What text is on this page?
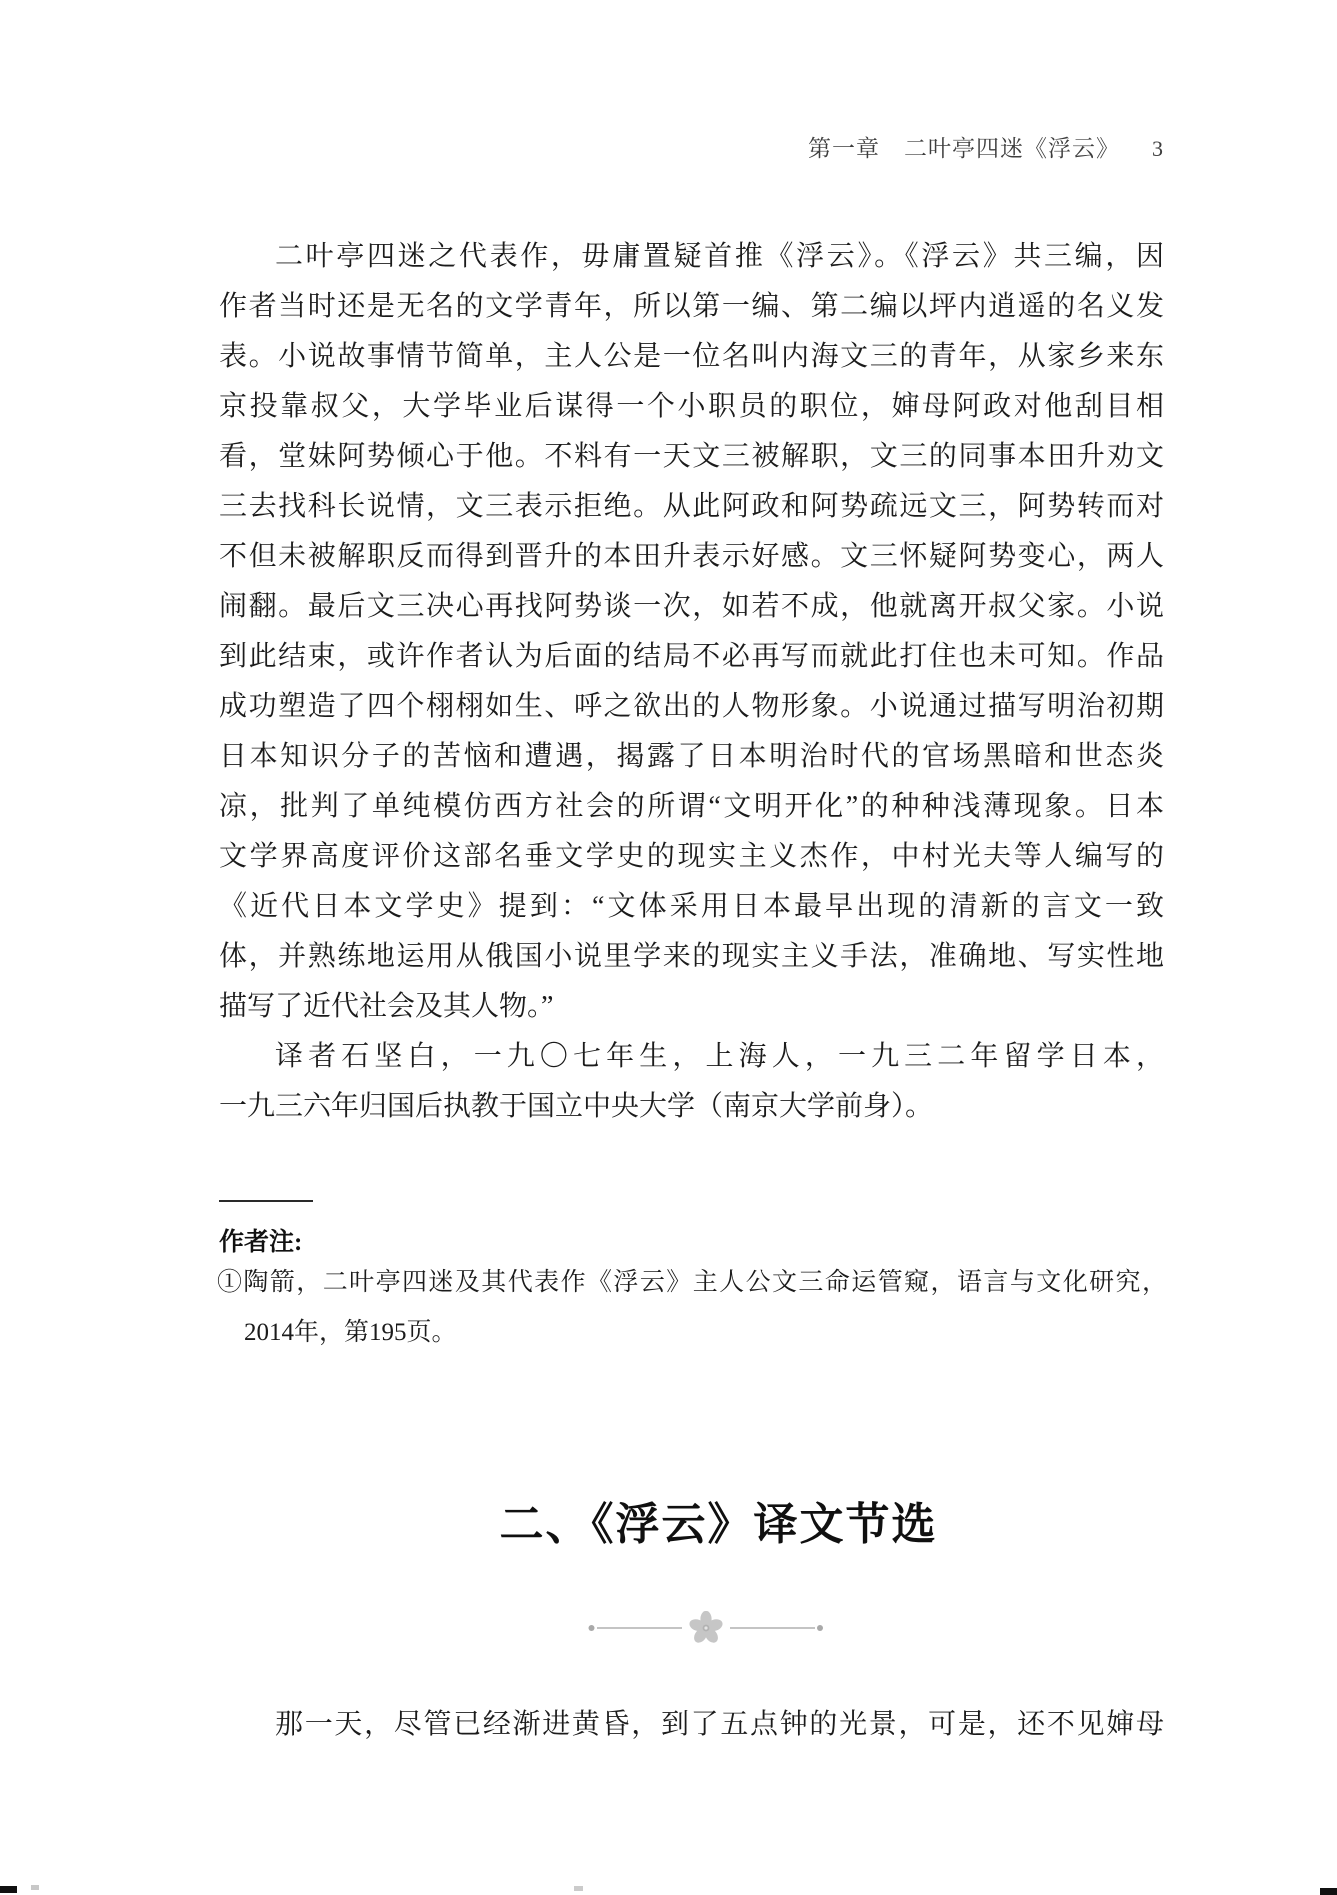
第一章　二叶亭四迷《浮云》 3
二叶亭四迷之代表作，毋庸置疑首推《浮云》。《浮云》共三编，因
作者当时还是无名的文学青年，所以第一编、第二编以坪内逍遥的名义发
表。小说故事情节简单，主人公是一位名叫内海文三的青年，从家乡来东
京投靠叔父，大学毕业后谋得一个小职员的职位，婶母阿政对他刮目相
看，堂妹阿势倾心于他。不料有一天文三被解职，文三的同事本田升劝文
三去找科长说情，文三表示拒绝。从此阿政和阿势疏远文三，阿势转而对
不但未被解职反而得到晋升的本田升表示好感。文三怀疑阿势变心，两人
闹翻。最后文三决心再找阿势谈一次，如若不成，他就离开叔父家。小说
到此结束，或许作者认为后面的结局不必再写而就此打住也未可知。作品
成功塑造了四个栩栩如生、呼之欲出的人物形象。小说通过描写明治初期
日本知识分子的苦恼和遭遇，揭露了日本明治时代的官场黑暗和世态炎
凉，批判了单纯模仿西方社会的所谓“文明开化”的种种浅薄现象。日本
文学界高度评价这部名垂文学史的现实主义杰作，中村光夫等人编写的
《近代日本文学史》提到：“文体采用日本最早出现的清新的言文一致
体，并熟练地运用从俄国小说里学来的现实主义手法，准确地、写实性地
描写了近代社会及其人物。”
译者石坚白，一九〇七年生，上海人，一九三二年留学日本，
一九三六年归国后执教于国立中央大学（南京大学前身）。
作者注:
①陶箭，二叶亭四迷及其代表作《浮云》主人公文三命运管窥，语言与文化研究，
2014年，第195页。
二、《浮云》译文节选
那一天，尽管已经渐进黄昏，到了五点钟的光景，可是，还不见婶母
